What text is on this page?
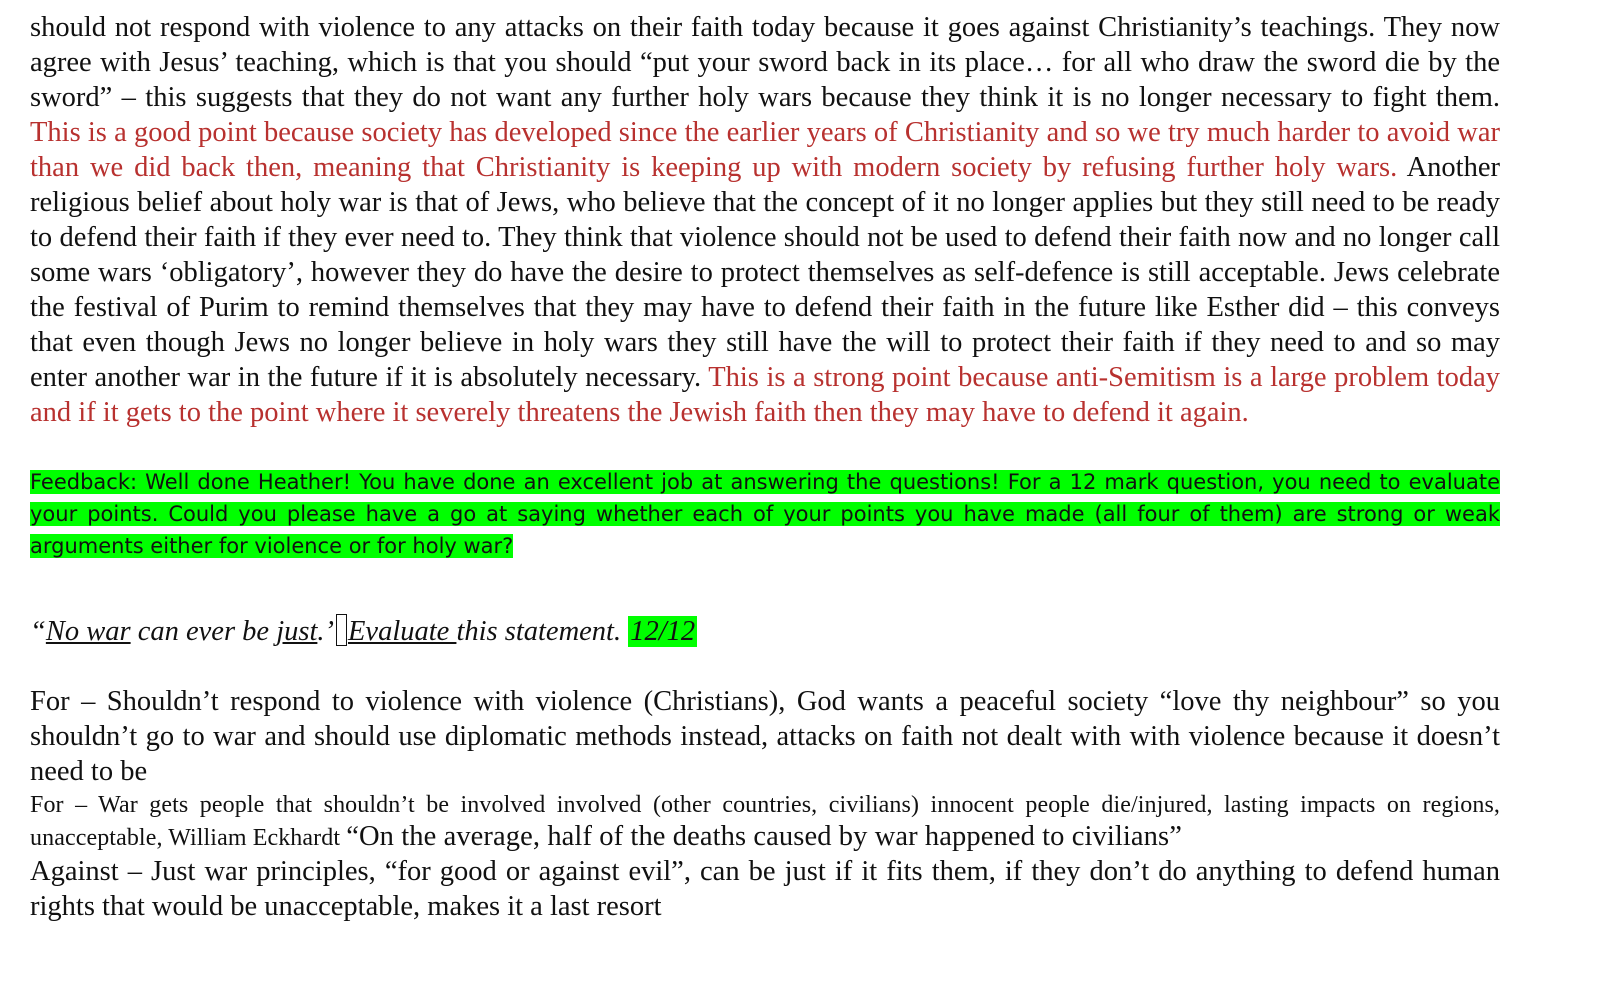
should not respond with violence to any attacks on their faith today because it goes against Christianity’s teachings. They now agree with Jesus’ teaching, which is that you should “put your sword back in its place… for all who draw the sword die by the sword” – this suggests that they do not want any further holy wars because they think it is no longer necessary to fight them. This is a good point because society has developed since the earlier years of Christianity and so we try much harder to avoid war than we did back then, meaning that Christianity is keeping up with modern society by refusing further holy wars. Another religious belief about holy war is that of Jews, who believe that the concept of it no longer applies but they still need to be ready to defend their faith if they ever need to. They think that violence should not be used to defend their faith now and no longer call some wars ‘obligatory’, however they do have the desire to protect themselves as self-defence is still acceptable. Jews celebrate the festival of Purim to remind themselves that they may have to defend their faith in the future like Esther did – this conveys that even though Jews no longer believe in holy wars they still have the will to protect their faith if they need to and so may enter another war in the future if it is absolutely necessary. This is a strong point because anti-Semitism is a large problem today and if it gets to the point where it severely threatens the Jewish faith then they may have to defend it again.

Feedback: Well done Heather! You have done an excellent job at answering the questions! For a 12 mark question, you need to evaluate your points. Could you please have a go at saying whether each of your points you have made (all four of them) are strong or weak arguments either for violence or for holy war?
“No war can ever be just.’ Evaluate this statement. 12/12

For – Shouldn’t respond to violence with violence (Christians), God wants a peaceful society “love thy neighbour” so you shouldn’t go to war and should use diplomatic methods instead, attacks on faith not dealt with with violence because it doesn’t need to be

For – War gets people that shouldn’t be involved involved (other countries, civilians) innocent people die/injured, lasting impacts on regions, unacceptable, William Eckhardt “On the average, half of the deaths caused by war happened to civilians”

Against – Just war principles, “for good or against evil”, can be just if it fits them, if they don’t do anything to defend human rights that would be unacceptable, makes it a last resort
